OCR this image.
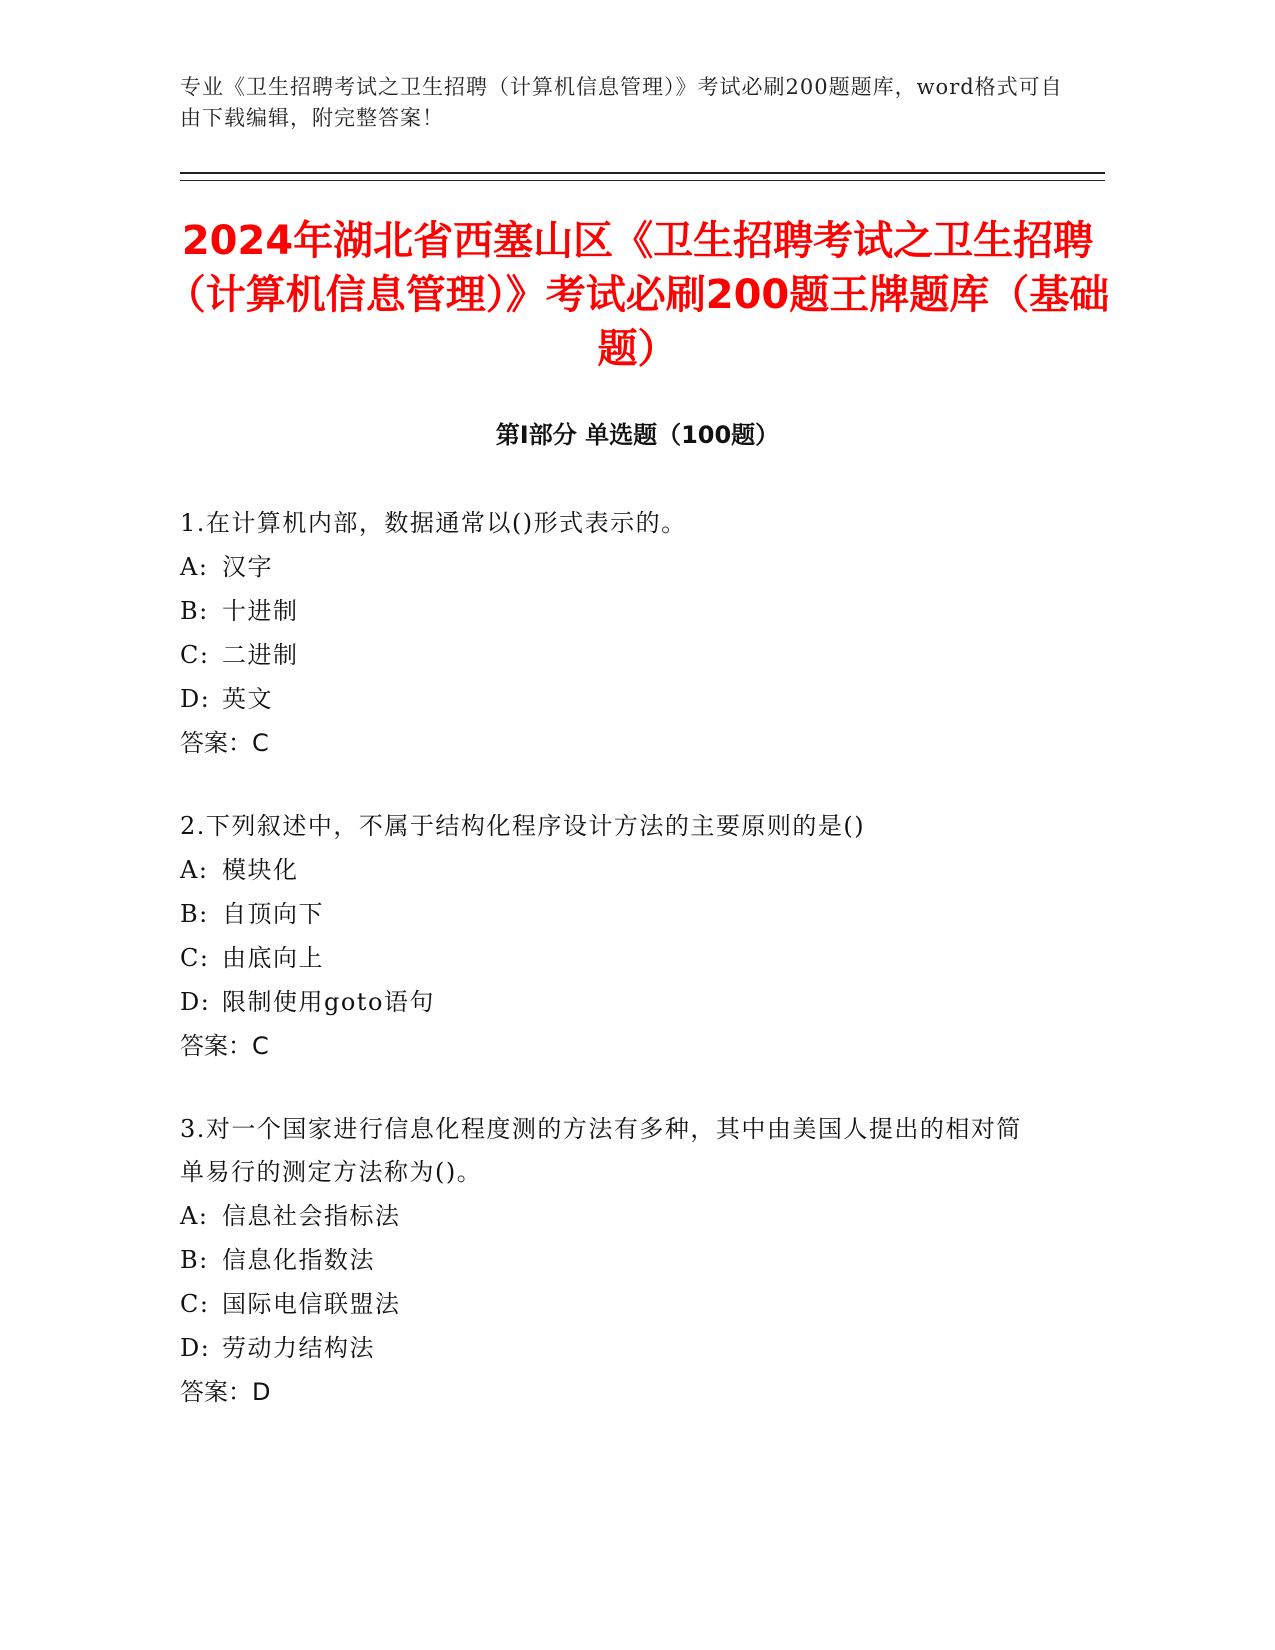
专业《卫生招聘考试之卫生招聘（计算机信息管理）》考试必刷200题题库，word格式可自由下载编辑，附完整答案！
2024年湖北省西塞山区《卫生招聘考试之卫生招聘（计算机信息管理）》考试必刷200题王牌题库（基础题）
第Ⅰ部分 单选题（100题）
1.在计算机内部，数据通常以()形式表示的。
A: 汉字
B: 十进制
C: 二进制
D: 英文
答案：C
2.下列叙述中，不属于结构化程序设计方法的主要原则的是()
A: 模块化
B: 自顶向下
C: 由底向上
D: 限制使用goto语句
答案：C
3.对一个国家进行信息化程度测的方法有多种，其中由美国人提出的相对简单易行的测定方法称为()。
A: 信息社会指标法
B: 信息化指数法
C: 国际电信联盟法
D: 劳动力结构法
答案：D
